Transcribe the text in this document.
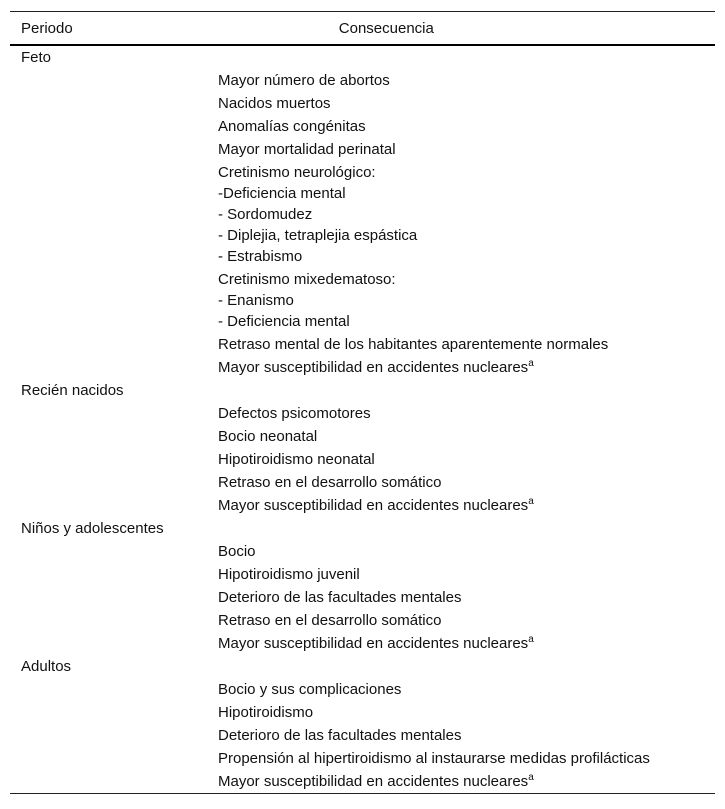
Periodo	Consecuencia
Feto
Mayor número de abortos
Nacidos muertos
Anomalías congénitas
Mayor mortalidad perinatal
Cretinismo neurológico:
-Deficiencia mental
- Sordomudez
- Diplejia, tetraplejia espástica
- Estrabismo
Cretinismo mixedematoso:
- Enanismo
- Deficiencia mental
Retraso mental de los habitantes aparentemente normales
Mayor susceptibilidad en accidentes nucleares$^a$
Recién nacidos
Defectos psicomotores
Bocio neonatal
Hipotiroidismo neonatal
Retraso en el desarrollo somático
Mayor susceptibilidad en accidentes nucleares$^a$
Niños y adolescentes
Bocio
Hipotiroidismo juvenil
Deterioro de las facultades mentales
Retraso en el desarrollo somático
Mayor susceptibilidad en accidentes nucleares$^a$
Adultos
Bocio y sus complicaciones
Hipotiroidismo
Deterioro de las facultades mentales
Propensión al hipertiroidismo al instaurarse medidas profilácticas
Mayor susceptibilidad en accidentes nucleares$^a$
